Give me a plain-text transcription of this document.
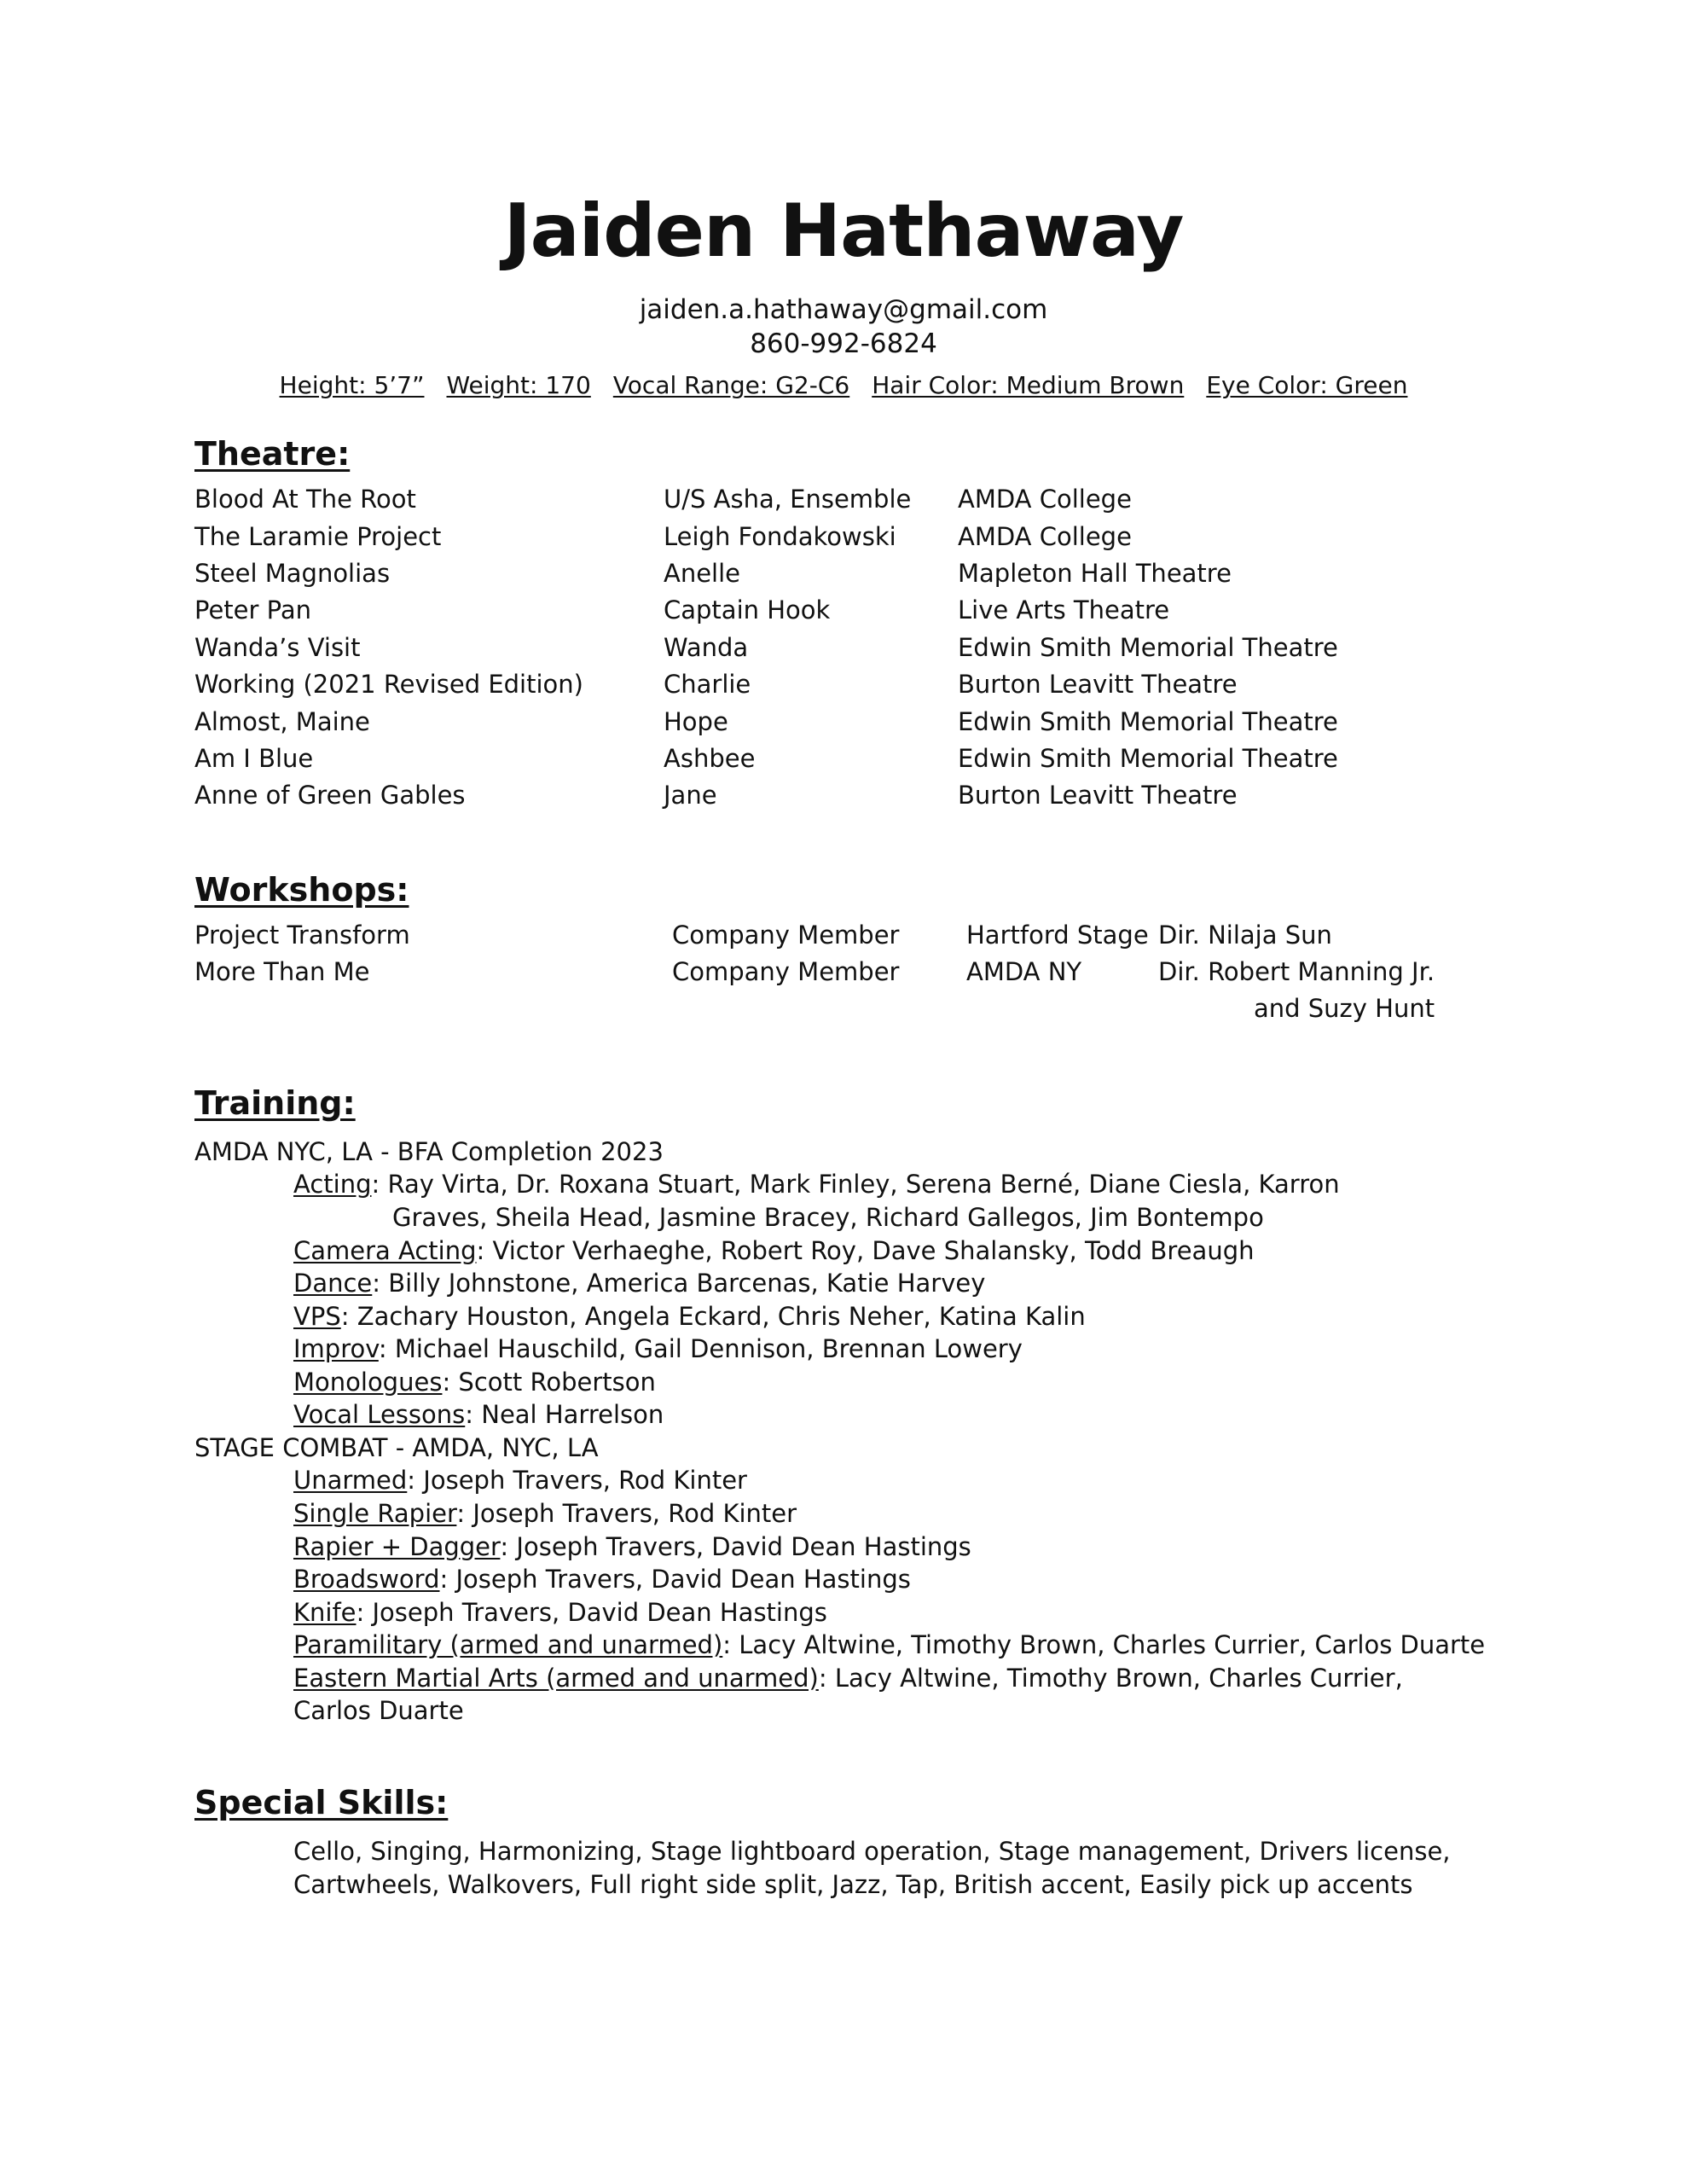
Jaiden Hathaway
jaiden.a.hathaway@gmail.com
860-992-6824
Height: 5’7” Weight: 170 Vocal Range: G2-C6 Hair Color: Medium Brown Eye Color: Green
Theatre:
Blood At The Root	U/S Asha, Ensemble	AMDA College
The Laramie Project	Leigh Fondakowski	AMDA College
Steel Magnolias	Anelle	Mapleton Hall Theatre
Peter Pan	Captain Hook	Live Arts Theatre
Wanda’s Visit	Wanda	Edwin Smith Memorial Theatre
Working (2021 Revised Edition)	Charlie	Burton Leavitt Theatre
Almost, Maine	Hope	Edwin Smith Memorial Theatre
Am I Blue	Ashbee	Edwin Smith Memorial Theatre
Anne of Green Gables	Jane	Burton Leavitt Theatre
Workshops:
Project Transform	Company Member	Hartford Stage	Dir. Nilaja Sun
More Than Me	Company Member	AMDA NY	Dir. Robert Manning Jr.
			and Suzy Hunt
Training:
AMDA NYC, LA - BFA Completion 2023
Acting: Ray Virta, Dr. Roxana Stuart, Mark Finley, Serena Berné, Diane Ciesla, Karron
Graves, Sheila Head, Jasmine Bracey, Richard Gallegos, Jim Bontempo
Camera Acting: Victor Verhaeghe, Robert Roy, Dave Shalansky, Todd Breaugh
Dance: Billy Johnstone, America Barcenas, Katie Harvey
VPS: Zachary Houston, Angela Eckard, Chris Neher, Katina Kalin
Improv: Michael Hauschild, Gail Dennison, Brennan Lowery
Monologues: Scott Robertson
Vocal Lessons: Neal Harrelson
STAGE COMBAT - AMDA, NYC, LA
Unarmed: Joseph Travers, Rod Kinter
Single Rapier: Joseph Travers, Rod Kinter
Rapier + Dagger: Joseph Travers, David Dean Hastings
Broadsword: Joseph Travers, David Dean Hastings
Knife: Joseph Travers, David Dean Hastings
Paramilitary (armed and unarmed): Lacy Altwine, Timothy Brown, Charles Currier, Carlos Duarte
Eastern Martial Arts (armed and unarmed): Lacy Altwine, Timothy Brown, Charles Currier,
Carlos Duarte
Special Skills:
Cello, Singing, Harmonizing, Stage lightboard operation, Stage management, Drivers license,
Cartwheels, Walkovers, Full right side split, Jazz, Tap, British accent, Easily pick up accents
